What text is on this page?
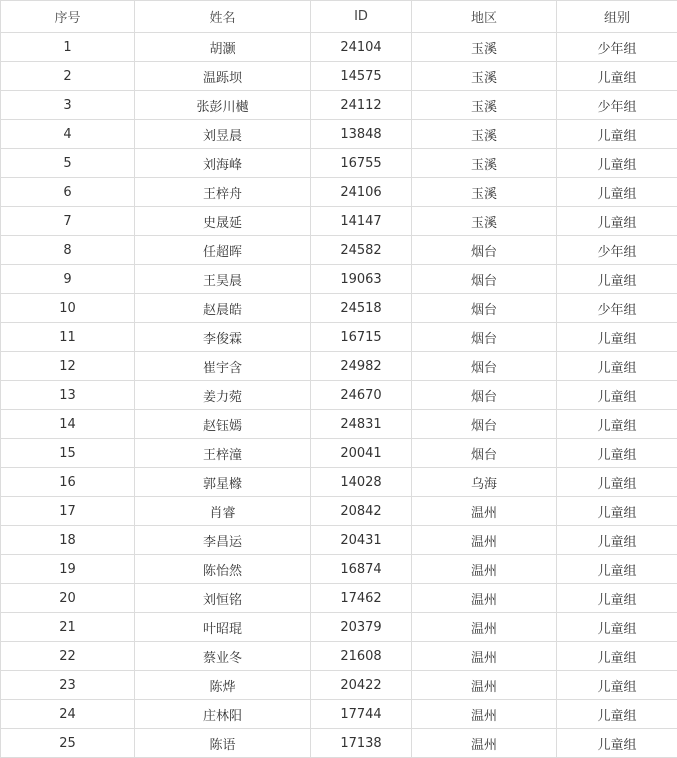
序号	姓名	ID	地区	组别
1	胡灏	24104	玉溪	少年组
2	温跞坝	14575	玉溪	儿童组
3	张彭川樾	24112	玉溪	少年组
4	刘昱晨	13848	玉溪	儿童组
5	刘海峰	16755	玉溪	儿童组
6	王梓舟	24106	玉溪	儿童组
7	史晟延	14147	玉溪	儿童组
8	任超晖	24582	烟台	少年组
9	王昊晨	19063	烟台	儿童组
10	赵晨皓	24518	烟台	少年组
11	李俊霖	16715	烟台	儿童组
12	崔宇含	24982	烟台	儿童组
13	姜力菀	24670	烟台	儿童组
14	赵钰嫣	24831	烟台	儿童组
15	王梓潼	20041	烟台	儿童组
16	郭星橼	14028	乌海	儿童组
17	肖睿	20842	温州	儿童组
18	李昌运	20431	温州	儿童组
19	陈怡然	16874	温州	儿童组
20	刘恒铭	17462	温州	儿童组
21	叶昭琨	20379	温州	儿童组
22	蔡业冬	21608	温州	儿童组
23	陈烨	20422	温州	儿童组
24	庄林阳	17744	温州	儿童组
25	陈语	17138	温州	儿童组
